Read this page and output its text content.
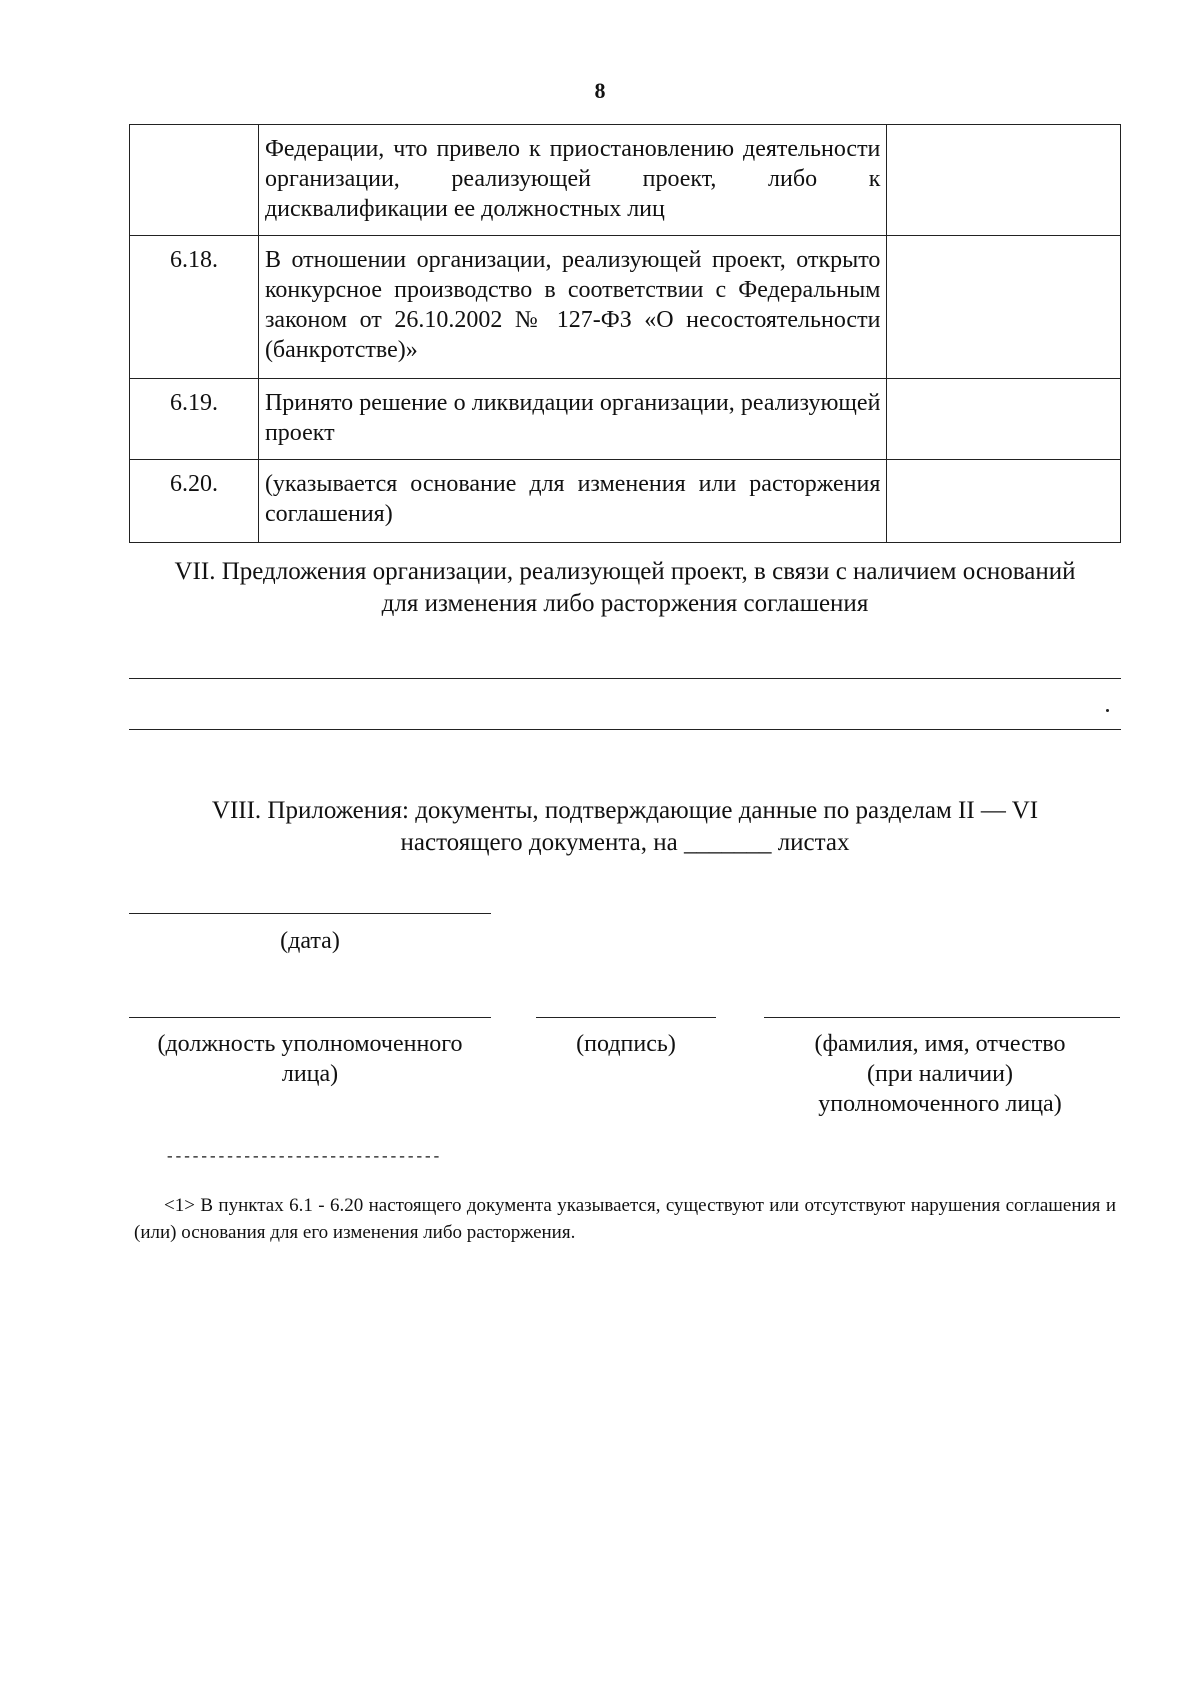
8
	Федерации, что привело к приостановлению деятельности организации, реализующей проект, либо к дисквалификации ее должностных лиц	
6.18.	В отношении организации, реализующей проект, открыто конкурсное производство в соответствии с Федеральным законом от 26.10.2002 № 127-ФЗ «О несостоятельности (банкротстве)»	
6.19.	Принято решение о ликвидации организации, реализующей проект	
6.20.	(указывается основание для изменения или расторжения соглашения)	
VII. Предложения организации, реализующей проект, в связи с наличием оснований
для изменения либо расторжения соглашения
VIII. Приложения: документы, подтверждающие данные по разделам II — VI
настоящего документа, на _______ листах
(дата)
(должность уполномоченного лица)
(подпись)	(фамилия, имя, отчество (при наличии) уполномоченного лица)
--------------------------------
<1> В пунктах 6.1 - 6.20 настоящего документа указывается, существуют или отсутствуют нарушения соглашения и (или) основания для его изменения либо расторжения.
